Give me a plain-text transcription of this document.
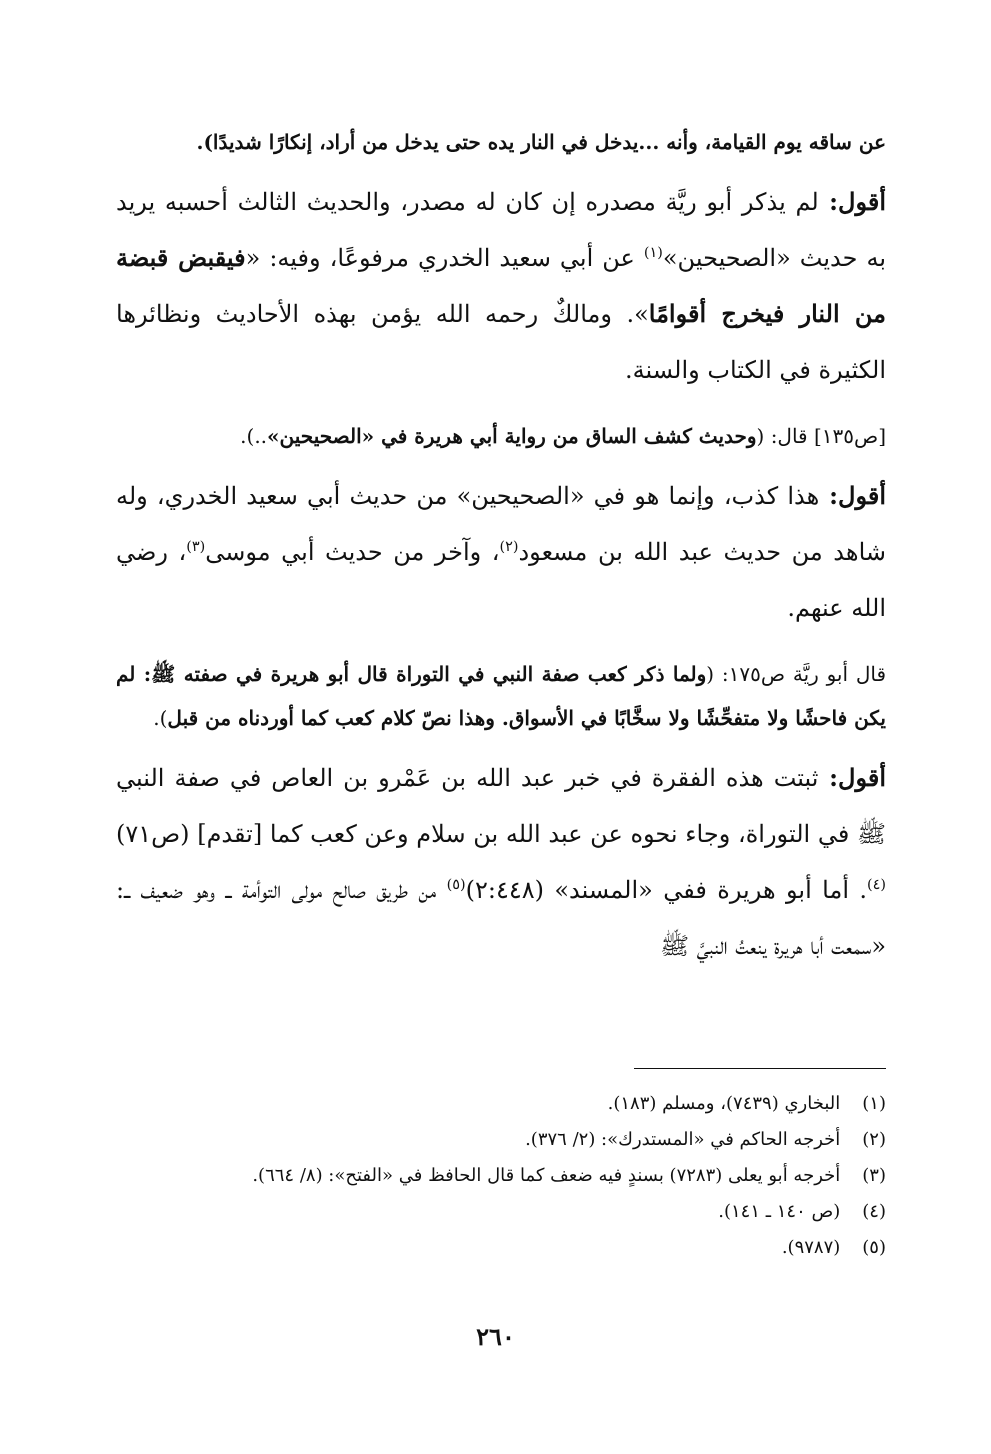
عن ساقه يوم القيامة، وأنه ...يدخل في النار يده حتى يدخل من أراد، إنكارًا شديدًا).

أقول: لم يذكر أبو ريَّة مصدره إن كان له مصدر، والحديث الثالث أحسبه يريد به حديث «الصحيحين»$^{(١)}$ عن أبي سعيد الخدري مرفوعًا، وفيه: «فيقبض قبضة من النار فيخرج أقوامًا». ومالكٌ رحمه الله يؤمن بهذه الأحاديث ونظائرها الكثيرة في الكتاب والسنة.

[ص١٣٥] قال: (وحديث كشف الساق من رواية أبي هريرة في «الصحيحين»..).

أقول: هذا كذب، وإنما هو في «الصحيحين» من حديث أبي سعيد الخدري، وله شاهد من حديث عبد الله بن مسعود$^{(٢)}$، وآخر من حديث أبي موسى$^{(٣)}$، رضي الله عنهم.

قال أبو ريَّة ص١٧٥: (ولما ذكر كعب صفة النبي في التوراة قال أبو هريرة في صفته ﷺ: لم يكن فاحشًا ولا متفحِّشًا ولا سخَّابًا في الأسواق. وهذا نصّ كلام كعب كما أوردناه من قبل).

أقول: ثبتت هذه الفقرة في خبر عبد الله بن عَمْرو بن العاص في صفة النبي ﷺ في التوراة، وجاء نحوه عن عبد الله بن سلام وعن كعب كما [تقدم] (ص٧١)$^{(٤)}$. أما أبو هريرة ففي «المسند» (٢:٤٤٨)$^{(٥)}$ من طريق صالح مولى التوأمة ــ وهو ضعيف ــ: «سمعت أبا هريرة ينعتُ النبيَّ ﷺ

(١) البخاري (٧٤٣٩)، ومسلم (١٨٣).

(٢) أخرجه الحاكم في «المستدرك»: (٢/ ٣٧٦).

(٣) أخرجه أبو يعلى (٧٢٨٣) بسندٍ فيه ضعف كما قال الحافظ في «الفتح»: (٨/ ٦٦٤).

(٤) (ص ١٤٠ ـ ١٤١).

(٥) (٩٧٨٧).

٢٦٠
